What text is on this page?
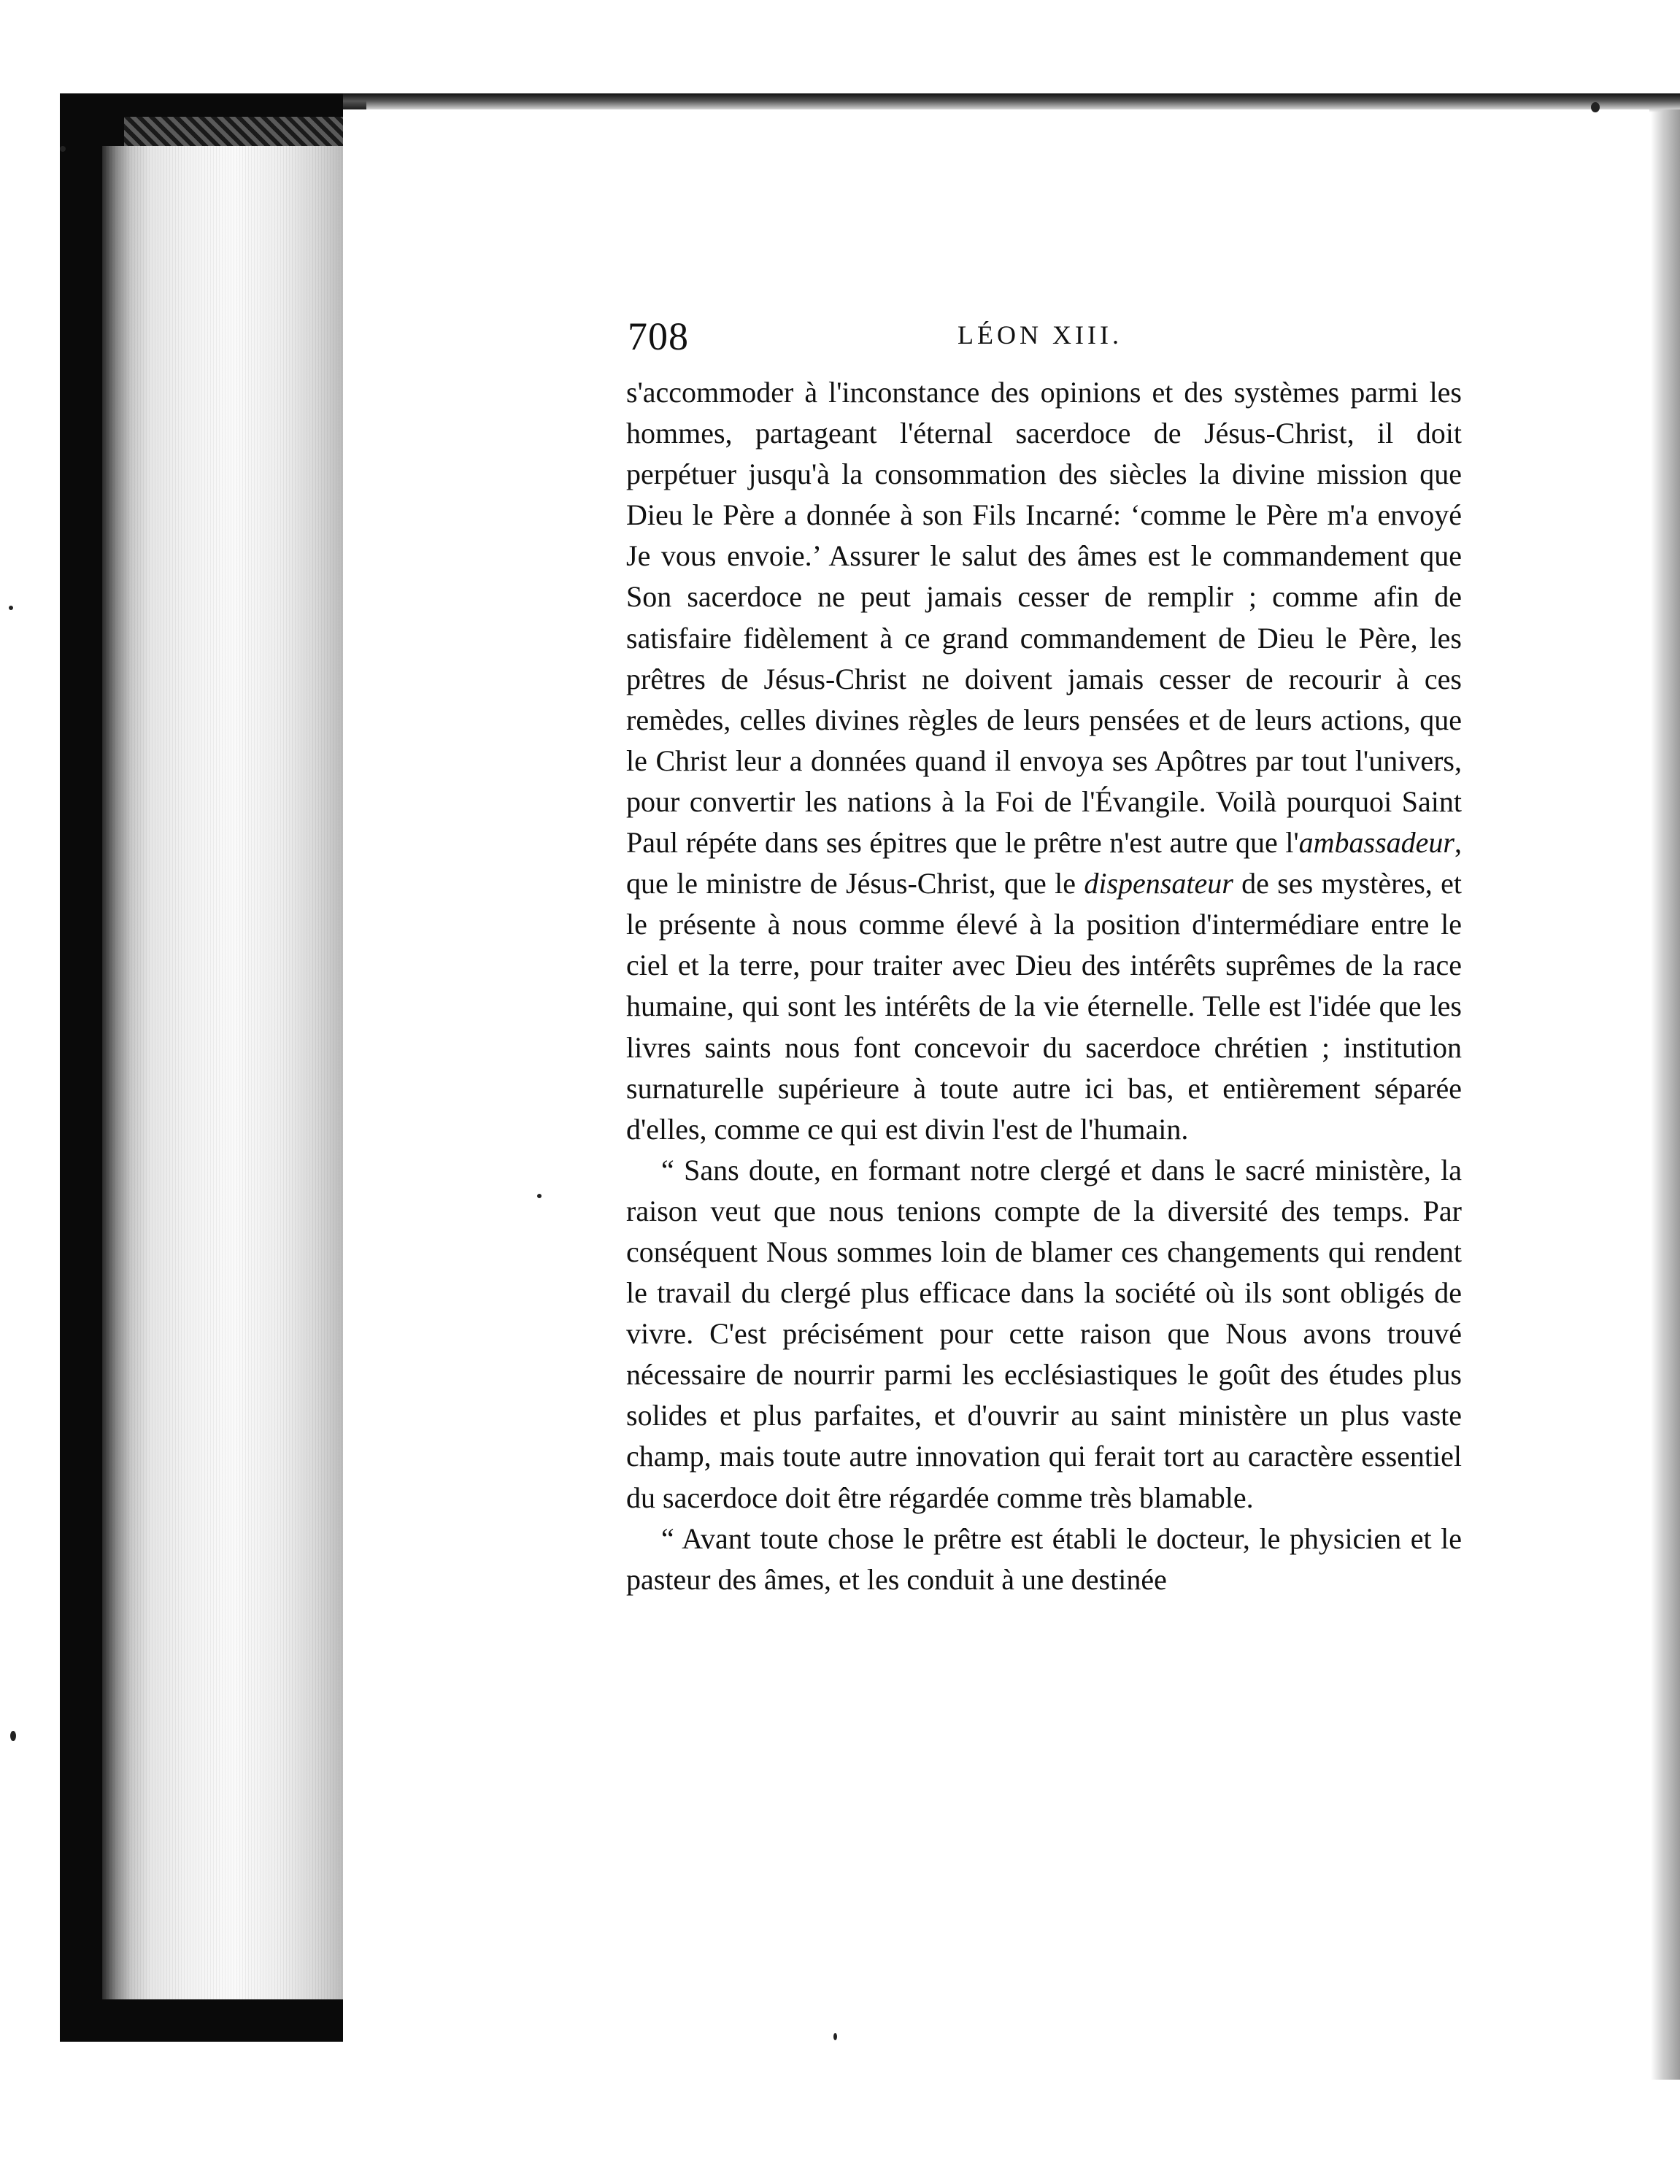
708	LÉON XIII.

s'accommoder à l'inconstance des opinions et des systèmes parmi les hommes, partageant l'éternal sacerdoce de Jésus-Christ, il doit perpétuer jusqu'à la consommation des siècles la divine mission que Dieu le Père a donnée à son Fils Incarné: ‘comme le Père m'a envoyé Je vous envoie.’ Assurer le salut des âmes est le commandement que Son sacerdoce ne peut jamais cesser de remplir ; comme afin de satisfaire fidèlement à ce grand commandement de Dieu le Père, les prêtres de Jésus-Christ ne doivent jamais cesser de recourir à ces remèdes, celles divines règles de leurs pensées et de leurs actions, que le Christ leur a données quand il envoya ses Apôtres par tout l'univers, pour convertir les nations à la Foi de l'Évangile. Voilà pourquoi Saint Paul répéte dans ses épitres que le prêtre n'est autre que l'ambassadeur, que le ministre de Jésus-Christ, que le dispensateur de ses mystères, et le présente à nous comme élevé à la position d'intermédiare entre le ciel et la terre, pour traiter avec Dieu des intérêts suprêmes de la race humaine, qui sont les intérêts de la vie éternelle. Telle est l'idée que les livres saints nous font concevoir du sacerdoce chrétien ; institution surnaturelle supérieure à toute autre ici bas, et entièrement séparée d'elles, comme ce qui est divin l'est de l'humain.

“ Sans doute, en formant notre clergé et dans le sacré ministère, la raison veut que nous tenions compte de la diversité des temps. Par conséquent Nous sommes loin de blamer ces changements qui rendent le travail du clergé plus efficace dans la société où ils sont obligés de vivre. C'est précisément pour cette raison que Nous avons trouvé nécessaire de nourrir parmi les ecclésiastiques le goût des études plus solides et plus parfaites, et d'ouvrir au saint ministère un plus vaste champ, mais toute autre innovation qui ferait tort au caractère essentiel du sacerdoce doit être régardée comme très blamable.

“ Avant toute chose le prêtre est établi le docteur, le physicien et le pasteur des âmes, et les conduit à une destinée
